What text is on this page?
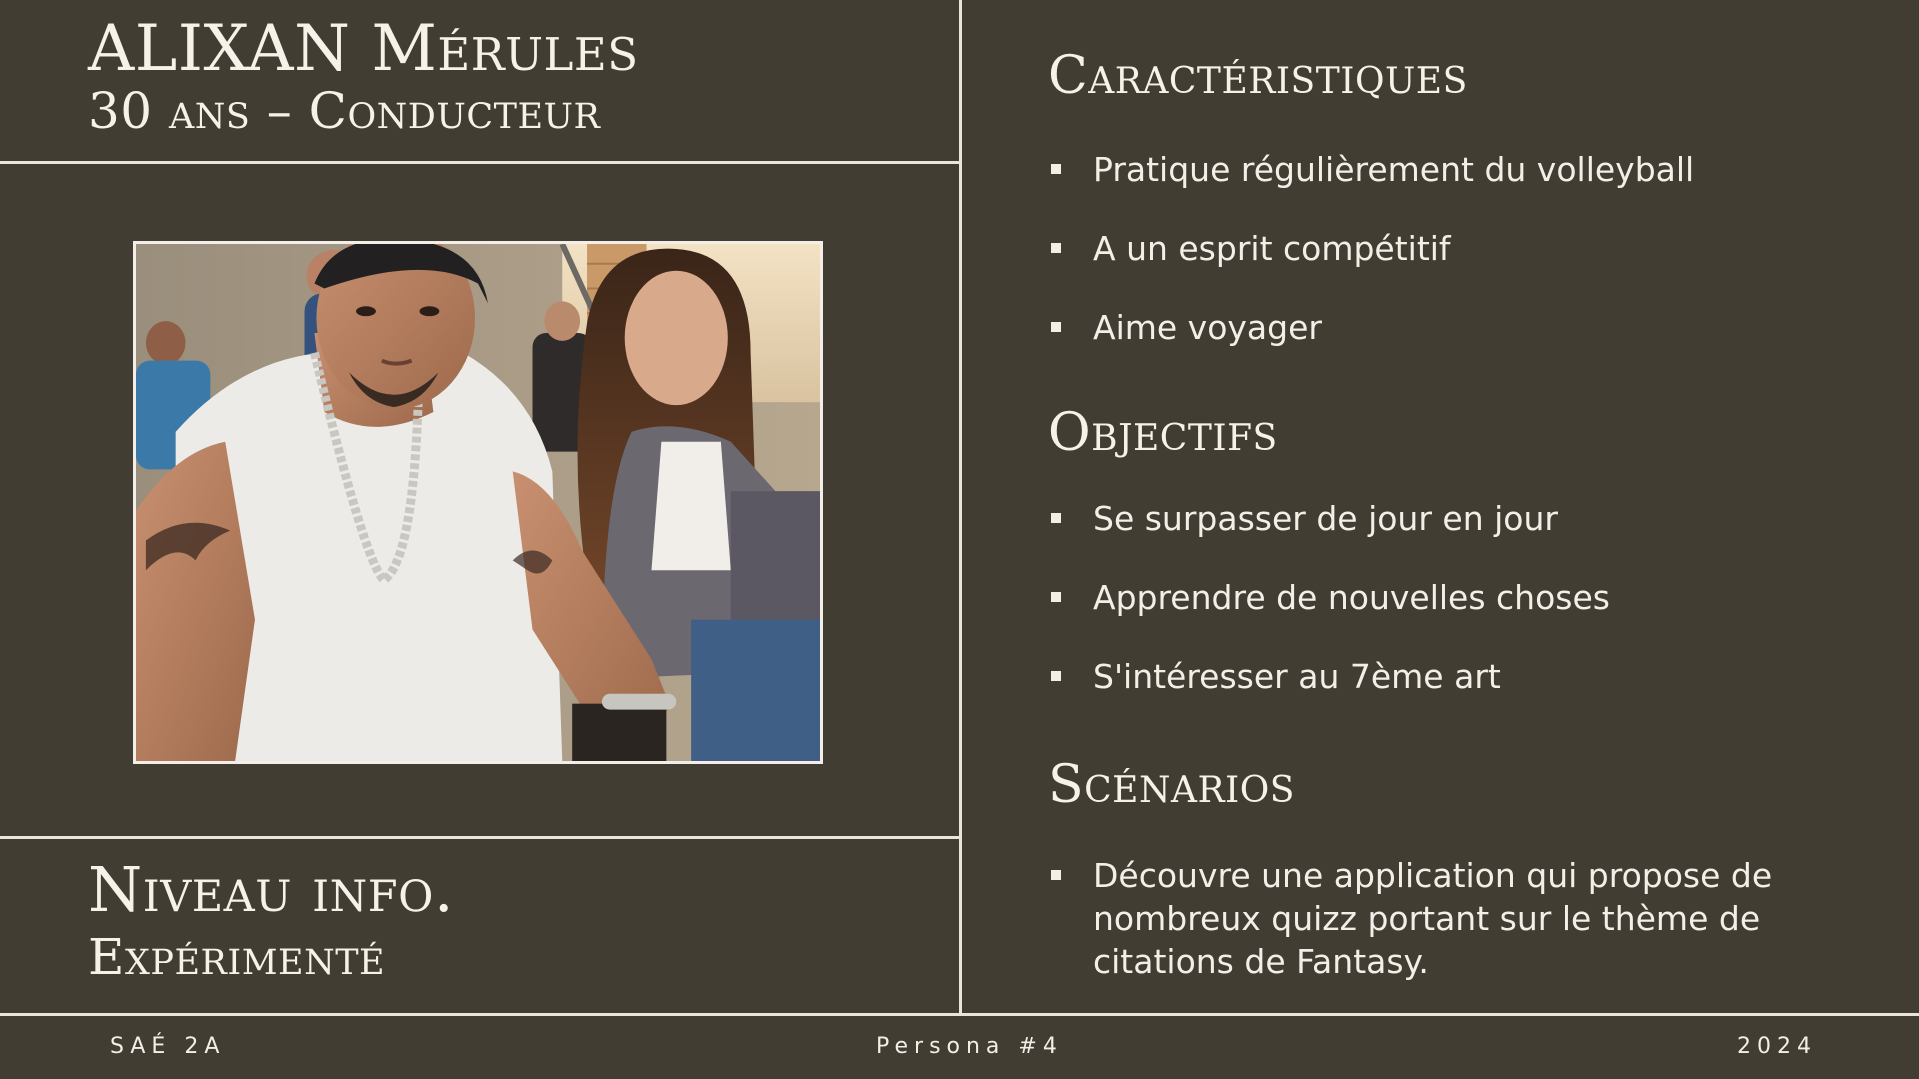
ALIXAN Mérules
30 ans – Conducteur
Niveau info.
Expérimenté
Caractéristiques
Pratique régulièrement du volleyball
A un esprit compétitif
Aime voyager
Objectifs
Se surpasser de jour en jour
Apprendre de nouvelles choses
S'intéresser au 7ème art
Scénarios
Découvre une application qui propose de nombreux quizz portant sur le thème de citations de Fantasy.
SAÉ 2A	Persona #4	2024
